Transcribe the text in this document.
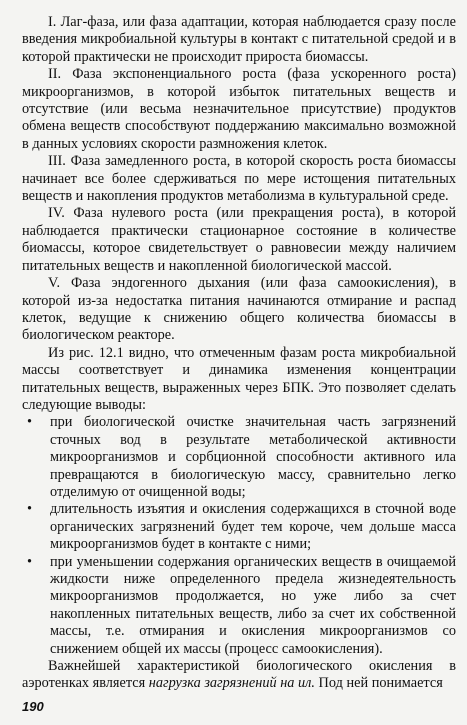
I. Лаг-фаза, или фаза адаптации, которая наблюдается сразу после введения микробиальной культуры в контакт с питательной средой и в которой практически не происходит прироста биомассы.

II. Фаза экспоненциального роста (фаза ускоренного роста) микроорганизмов, в которой избыток питательных веществ и отсутствие (или весьма незначительное присутствие) продуктов обмена веществ способствуют поддержанию максимально возможной в данных условиях скорости размножения клеток.

III. Фаза замедленного роста, в которой скорость роста биомассы начинает все более сдерживаться по мере истощения питательных веществ и накопления продуктов метаболизма в культуральной среде.

IV. Фаза нулевого роста (или прекращения роста), в которой наблюдается практически стационарное состояние в количестве биомассы, которое свидетельствует о равновесии между наличием питательных веществ и накопленной биологической массой.

V. Фаза эндогенного дыхания (или фаза самоокисления), в которой из-за недостатка питания начинаются отмирание и распад клеток, ведущие к снижению общего количества биомассы в биологическом реакторе.

Из рис. 12.1 видно, что отмеченным фазам роста микробиальной массы соответствует и динамика изменения концентрации питательных веществ, выраженных через БПК. Это позволяет сделать следующие выводы:

• при биологической очистке значительная часть загрязнений сточных вод в результате метаболической активности микроорганизмов и сорбционной способности активного ила превращаются в биологическую массу, сравнительно легко отделимую от очищенной воды;
• длительность изъятия и окисления содержащихся в сточной воде органических загрязнений будет тем короче, чем дольше масса микроорганизмов будет в контакте с ними;
• при уменьшении содержания органических веществ в очищаемой жидкости ниже определенного предела жизнедеятельность микроорганизмов продолжается, но уже либо за счет накопленных питательных веществ, либо за счет их собственной массы, т.е. отмирания и окисления микроорганизмов со снижением общей их массы (процесс самоокисления).

Важнейшей характеристикой биологического окисления в аэротенках является нагрузка загрязнений на ил. Под ней понимается

190
